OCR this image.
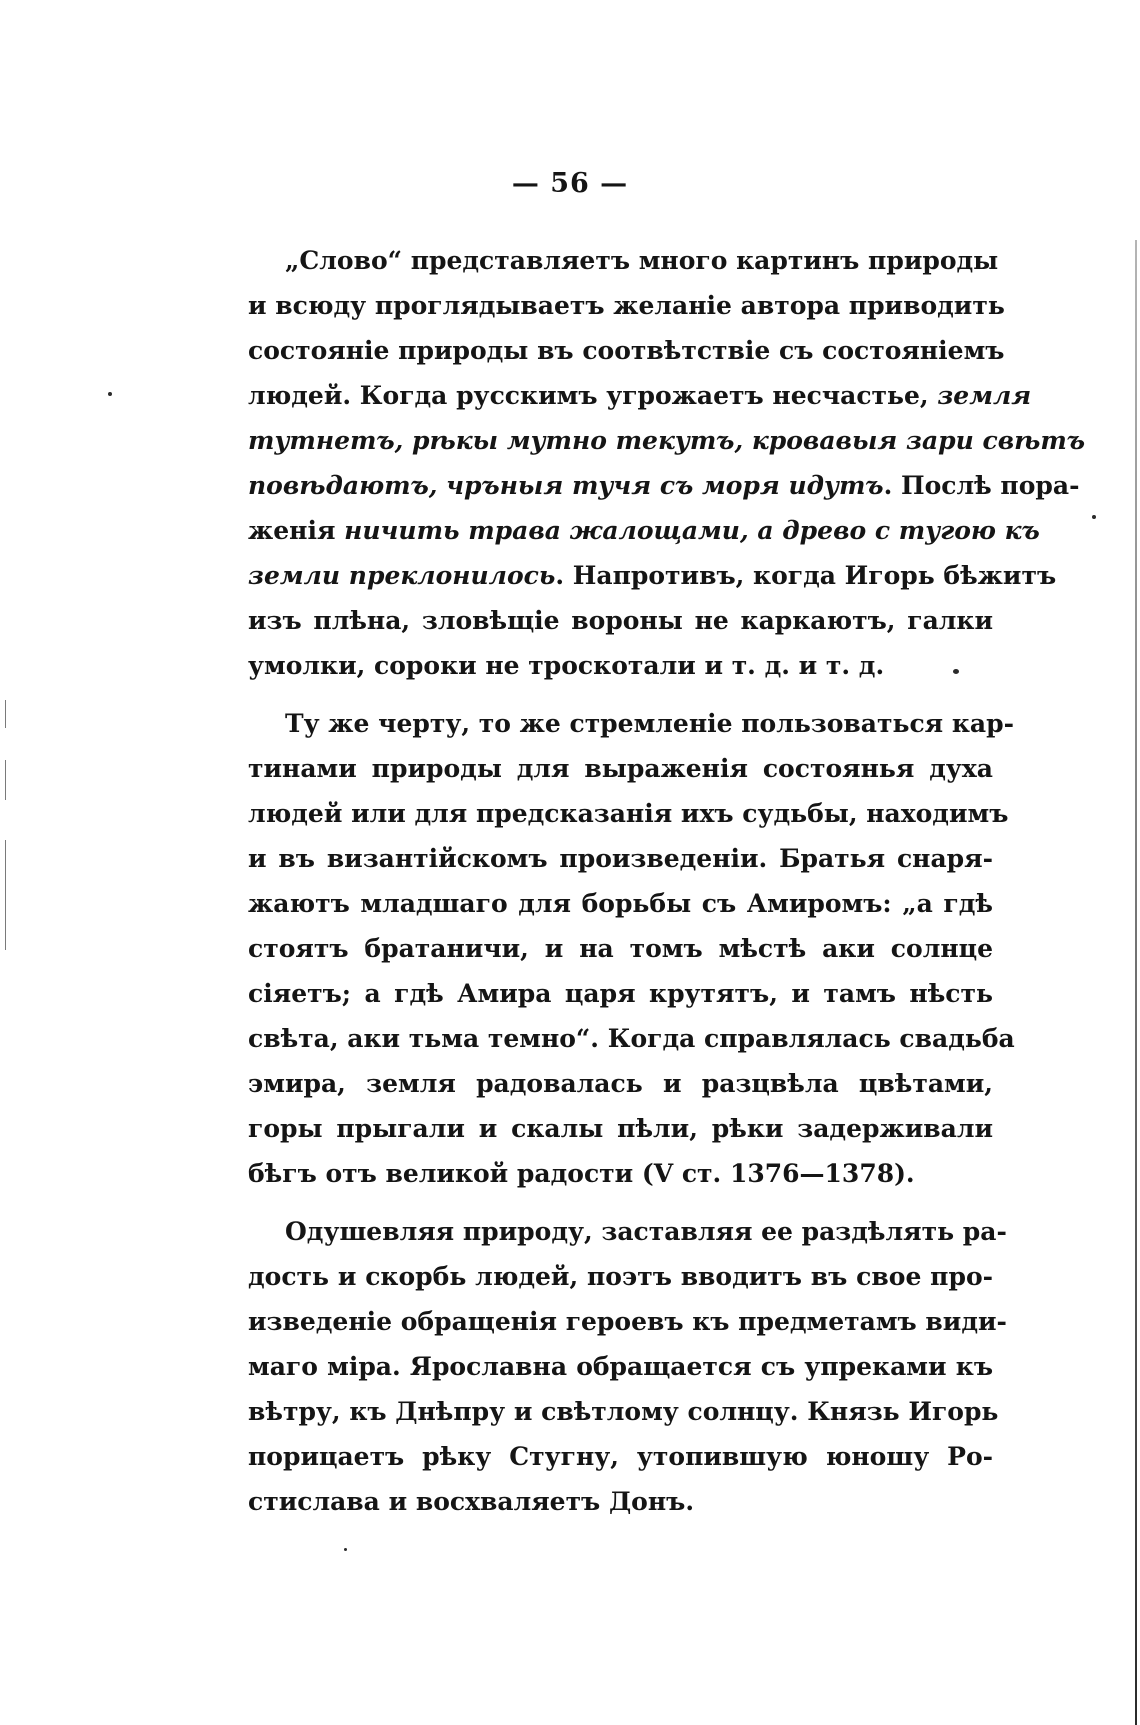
— 56 —
„Слово“ представляетъ много картинъ природы
и всюду проглядываетъ желаніе автора приводить
состояніе природы въ соотвѣтствіе съ состояніемъ
людей. Когда русскимъ угрожаетъ несчастье, земля
тутнетъ, рѣкы мутно текутъ, кровавыя зари свѣтъ
повѣдаютъ, чръныя тучя съ моря идутъ. Послѣ пора-
женія ничить трава жалощами, а древо с тугою къ
земли преклонилось. Напротивъ, когда Игорь бѣжитъ
изъ плѣна, зловѣщіе вороны не каркаютъ, галки
умолки, сороки не троскотали и т. д. и т. д.
Ту же черту, то же стремленіе пользоваться кар-
тинами природы для выраженія состоянья духа
людей или для предсказанія ихъ судьбы, находимъ
и въ византійскомъ произведеніи. Братья снаря-
жаютъ младшаго для борьбы съ Амиромъ: „а гдѣ
стоятъ братаничи, и на томъ мѣстѣ аки солнце
сіяетъ; а гдѣ Амира царя крутятъ, и тамъ нѣсть
свѣта, аки тьма темно“. Когда справлялась свадьба
эмира, земля радовалась и разцвѣла цвѣтами,
горы прыгали и скалы пѣли, рѣки задерживали
бѣгъ отъ великой радости (V ст. 1376—1378).
Одушевляя природу, заставляя ее раздѣлять ра-
дость и скорбь людей, поэтъ вводитъ въ свое про-
изведеніе обращенія героевъ къ предметамъ види-
маго міра. Ярославна обращается съ упреками къ
вѣтру, къ Днѣпру и свѣтлому солнцу. Князь Игорь
порицаетъ рѣку Стугну, утопившую юношу Ро-
стислава и восхваляетъ Донъ.
